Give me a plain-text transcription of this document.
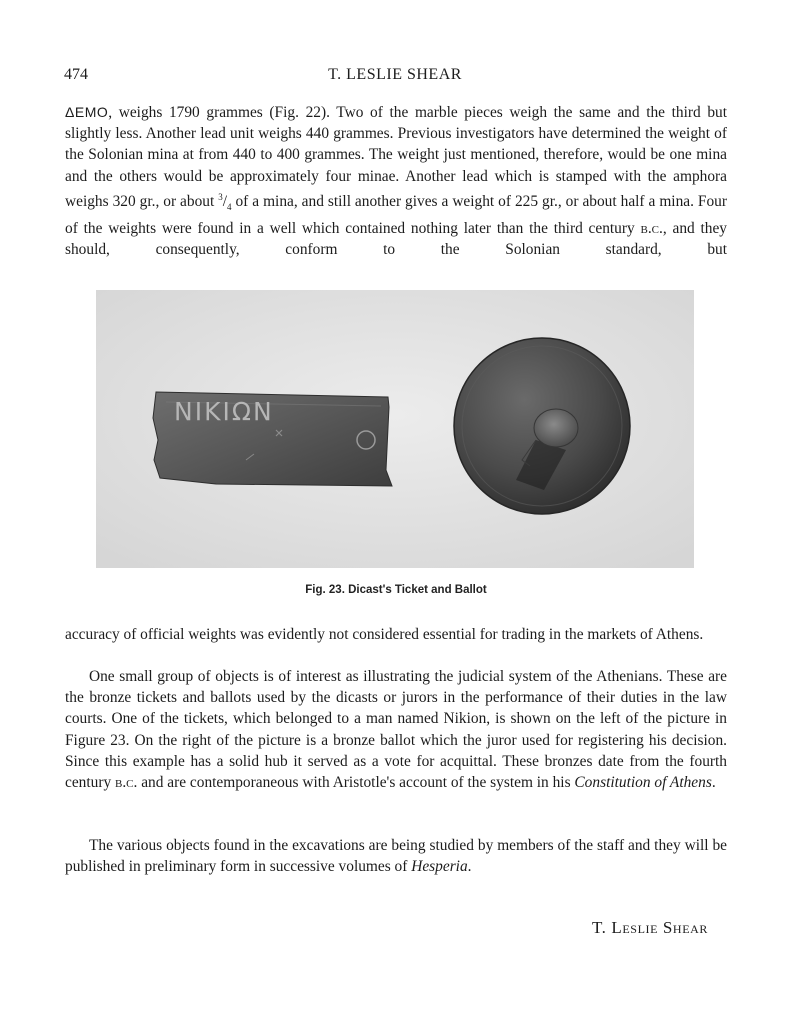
474	T. LESLIE SHEAR

ΔΕΜΟ, weighs 1790 grammes (Fig. 22). Two of the marble pieces weigh the same and the third but slightly less. Another lead unit weighs 440 grammes. Previous investigators have determined the weight of the Solonian mina at from 440 to 400 grammes. The weight just mentioned, therefore, would be one mina and the others would be approximately four minae. Another lead which is stamped with the amphora weighs 320 gr., or about $^3/_4$ of a mina, and still another gives a weight of 225 gr., or about half a mina. Four of the weights were found in a well which contained nothing later than the third century b.c., and they should, consequently, conform to the Solonian standard, but

ΝΙΚΙΩΝ
Fig. 23. Dicast's Ticket and Ballot

accuracy of official weights was evidently not considered essential for trading in the markets of Athens.

One small group of objects is of interest as illustrating the judicial system of the Athenians. These are the bronze tickets and ballots used by the dicasts or jurors in the performance of their duties in the law courts. One of the tickets, which belonged to a man named Nikion, is shown on the left of the picture in Figure 23. On the right of the picture is a bronze ballot which the juror used for registering his decision. Since this example has a solid hub it served as a vote for acquittal. These bronzes date from the fourth century b.c. and are contemporaneous with Aristotle's account of the system in his Constitution of Athens.

The various objects found in the excavations are being studied by members of the staff and they will be published in preliminary form in successive volumes of Hesperia.

T. Leslie Shear
